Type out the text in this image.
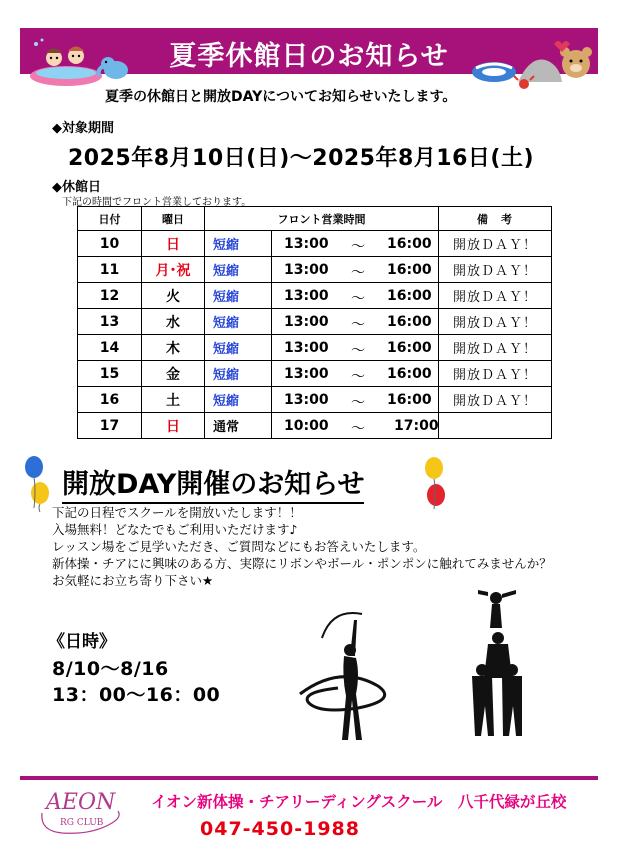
夏季休館日のお知らせ
夏季の休館日と開放DAYについてお知らせいたします。
◆対象期間
2025年8月10日(日)～2025年8月16日(土)
◆休館日
下記の時間でフロント営業しております。
日付	曜日	フロント営業時間		備　考
10	日	短縮	13:00 ～ 16:00	開放ＤＡＹ！
11	月･祝	短縮	13:00 ～ 16:00	開放ＤＡＹ！
12	火	短縮	13:00 ～ 16:00	開放ＤＡＹ！
13	水	短縮	13:00 ～ 16:00	開放ＤＡＹ！
14	木	短縮	13:00 ～ 16:00	開放ＤＡＹ！
15	金	短縮	13:00 ～ 16:00	開放ＤＡＹ！
16	土	短縮	13:00 ～ 16:00	開放ＤＡＹ！
17	日	通常	10:00 ～ 17:00	

開放DAY開催のお知らせ
下記の日程でスクールを開放いたします！！
入場無料！どなたでもご利用いただけます♪
レッスン場をご見学いただき、ご質問などにもお答えいたします。
新体操・チアにに興味のある方、実際にリボンやボール・ポンポンに触れてみませんか？
お気軽にお立ち寄り下さい★
《日時》
8/10～8/16
13：00～16：00
AEON
RG CLUB
イオン新体操・チアリーディングスクール　八千代緑が丘校
047-450-1988
